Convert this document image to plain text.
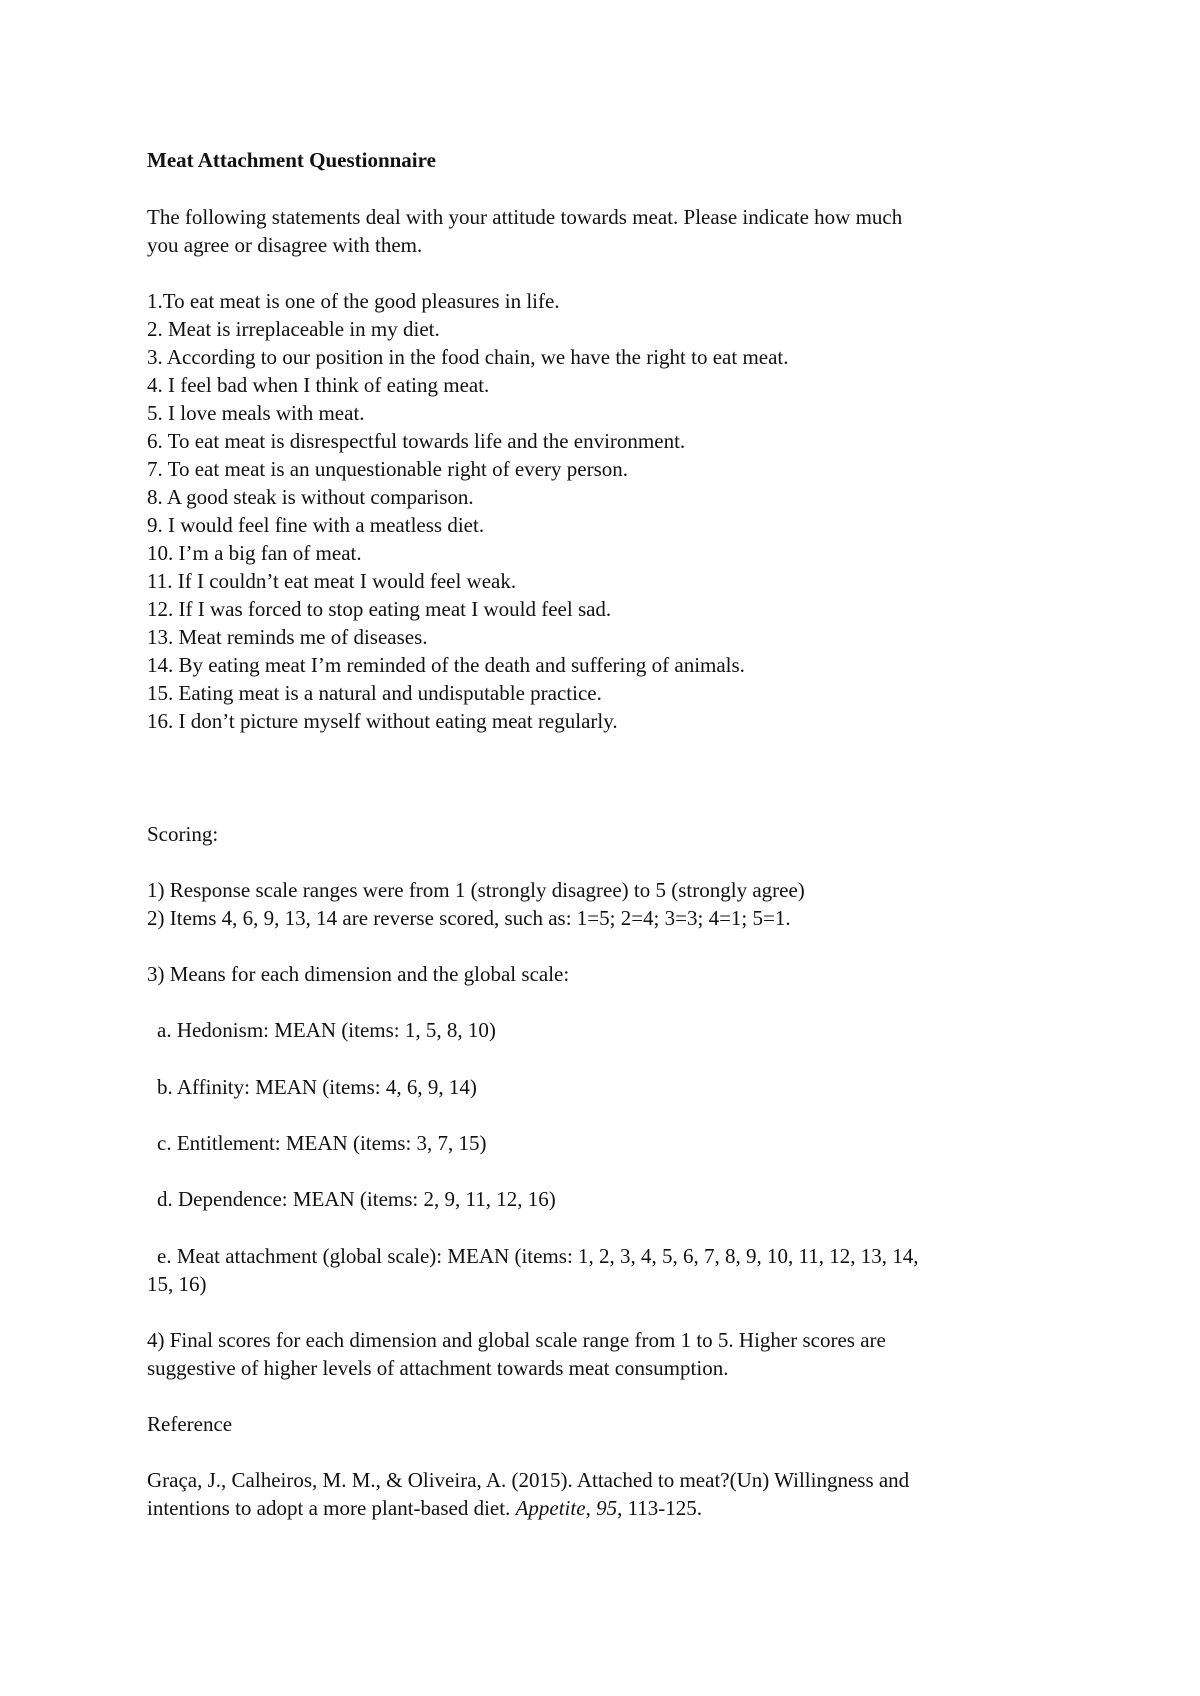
Meat Attachment Questionnaire

The following statements deal with your attitude towards meat. Please indicate how much

you agree or disagree with them.

1.To eat meat is one of the good pleasures in life.

2. Meat is irreplaceable in my diet.

3. According to our position in the food chain, we have the right to eat meat.

4. I feel bad when I think of eating meat.

5. I love meals with meat.

6. To eat meat is disrespectful towards life and the environment.

7. To eat meat is an unquestionable right of every person.

8. A good steak is without comparison.

9. I would feel fine with a meatless diet.

10. I’m a big fan of meat.

11. If I couldn’t eat meat I would feel weak.

12. If I was forced to stop eating meat I would feel sad.

13. Meat reminds me of diseases.

14. By eating meat I’m reminded of the death and suffering of animals.

15. Eating meat is a natural and undisputable practice.

16. I don’t picture myself without eating meat regularly.

Scoring:

1) Response scale ranges were from 1 (strongly disagree) to 5 (strongly agree)

2) Items 4, 6, 9, 13, 14 are reverse scored, such as: 1=5; 2=4; 3=3; 4=1; 5=1.

3) Means for each dimension and the global scale:

a. Hedonism: MEAN (items: 1, 5, 8, 10)

b. Affinity: MEAN (items: 4, 6, 9, 14)

c. Entitlement: MEAN (items: 3, 7, 15)

d. Dependence: MEAN (items: 2, 9, 11, 12, 16)

e. Meat attachment (global scale): MEAN (items: 1, 2, 3, 4, 5, 6, 7, 8, 9, 10, 11, 12, 13, 14,

15, 16)

4) Final scores for each dimension and global scale range from 1 to 5. Higher scores are

suggestive of higher levels of attachment towards meat consumption.

Reference

Graça, J., Calheiros, M. M., & Oliveira, A. (2015). Attached to meat?(Un) Willingness and

intentions to adopt a more plant-based diet. Appetite, 95, 113-125.
